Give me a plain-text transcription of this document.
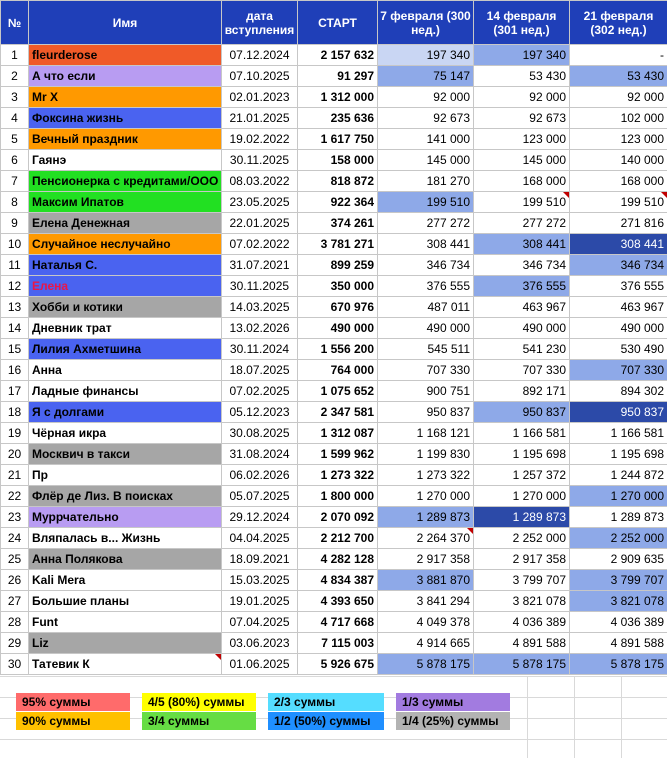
№	Имя	дата вступления	СТАРТ	7 февраля (300 нед.)	14 февраля (301 нед.)	21 февраля (302 нед.)
1	fleurderose	07.12.2024	2 157 632	197 340	197 340	-
2	А что если	07.10.2025	91 297	75 147	53 430	53 430
3	Mr X	02.01.2023	1 312 000	92 000	92 000	92 000
4	Фоксина жизнь	21.01.2025	235 636	92 673	92 673	102 000
5	Вечный праздник	19.02.2022	1 617 750	141 000	123 000	123 000
6	Гаянэ	30.11.2025	158 000	145 000	145 000	140 000
7	Пенсионерка с кредитами/ООО	08.03.2022	818 872	181 270	168 000	168 000
8	Максим Ипатов	23.05.2025	922 364	199 510	199 510	199 510
9	Елена Денежная	22.01.2025	374 261	277 272	277 272	271 816
10	Случайное неслучайно	07.02.2022	3 781 271	308 441	308 441	308 441
11	Наталья С.	31.07.2021	899 259	346 734	346 734	346 734
12	Елена	30.11.2025	350 000	376 555	376 555	376 555
13	Хобби и котики	14.03.2025	670 976	487 011	463 967	463 967
14	Дневник трат	13.02.2026	490 000	490 000	490 000	490 000
15	Лилия Ахметшина	30.11.2024	1 556 200	545 511	541 230	530 490
16	Анна	18.07.2025	764 000	707 330	707 330	707 330
17	Ладные финансы	07.02.2025	1 075 652	900 751	892 171	894 302
18	Я с долгами	05.12.2023	2 347 581	950 837	950 837	950 837
19	Чёрная икра	30.08.2025	1 312 087	1 168 121	1 166 581	1 166 581
20	Москвич в такси	31.08.2024	1 599 962	1 199 830	1 195 698	1 195 698
21	Пр	06.02.2026	1 273 322	1 273 322	1 257 372	1 244 872
22	Флёр де Лиз. В поисках	05.07.2025	1 800 000	1 270 000	1 270 000	1 270 000
23	Муррчательно	29.12.2024	2 070 092	1 289 873	1 289 873	1 289 873
24	Вляпалась в... Жизнь	04.04.2025	2 212 700	2 264 370	2 252 000	2 252 000
25	Анна Полякова	18.09.2021	4 282 128	2 917 358	2 917 358	2 909 635
26	Kali Mera	15.03.2025	4 834 387	3 881 870	3 799 707	3 799 707
27	Большие планы	19.01.2025	4 393 650	3 841 294	3 821 078	3 821 078
28	Funt	07.04.2025	4 717 668	4 049 378	4 036 389	4 036 389
29	Liz	03.06.2023	7 115 003	4 914 665	4 891 588	4 891 588
30	Татевик К	01.06.2025	5 926 675	5 878 175	5 878 175	5 878 175
95% суммы
90% суммы
4/5 (80%) суммы
3/4 суммы
2/3 суммы
1/2 (50%) суммы
1/3 суммы
1/4 (25%) суммы
